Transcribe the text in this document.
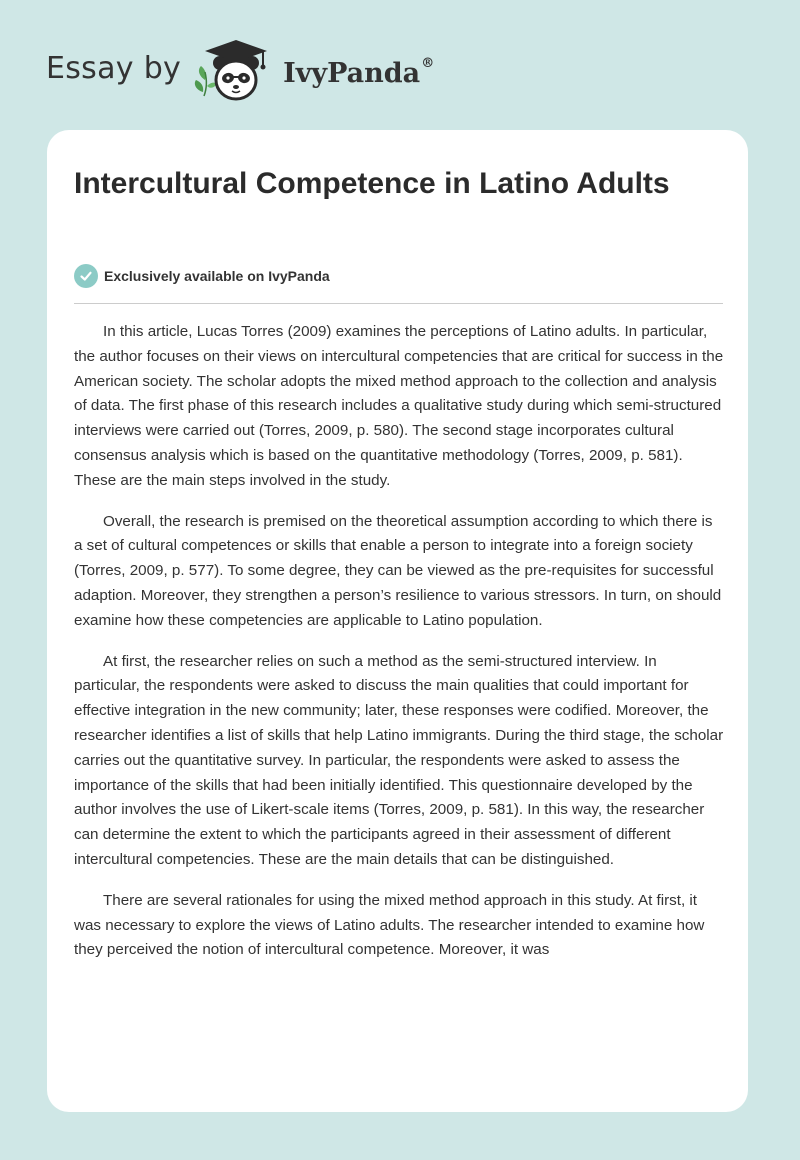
Essay by	IvyPanda®
Intercultural Competence in Latino Adults
Exclusively available on IvyPanda

In this article, Lucas Torres (2009) examines the perceptions of Latino adults. In particular, the author focuses on their views on intercultural competencies that are critical for success in the American society. The scholar adopts the mixed method approach to the collection and analysis of data. The first phase of this research includes a qualitative study during which semi-structured interviews were carried out (Torres, 2009, p. 580). The second stage incorporates cultural consensus analysis which is based on the quantitative methodology (Torres, 2009, p. 581). These are the main steps involved in the study.

Overall, the research is premised on the theoretical assumption according to which there is a set of cultural competences or skills that enable a person to integrate into a foreign society (Torres, 2009, p. 577). To some degree, they can be viewed as the pre-requisites for successful adaption. Moreover, they strengthen a person’s resilience to various stressors. In turn, on should examine how these competencies are applicable to Latino population.

At first, the researcher relies on such a method as the semi-structured interview. In particular, the respondents were asked to discuss the main qualities that could important for effective integration in the new community; later, these responses were codified. Moreover, the researcher identifies a list of skills that help Latino immigrants. During the third stage, the scholar carries out the quantitative survey. In particular, the respondents were asked to assess the importance of the skills that had been initially identified. This questionnaire developed by the author involves the use of Likert-scale items (Torres, 2009, p. 581). In this way, the researcher can determine the extent to which the participants agreed in their assessment of different intercultural competencies. These are the main details that can be distinguished.

There are several rationales for using the mixed method approach in this study. At first, it was necessary to explore the views of Latino adults. The researcher intended to examine how they perceived the notion of intercultural competence. Moreover, it was
